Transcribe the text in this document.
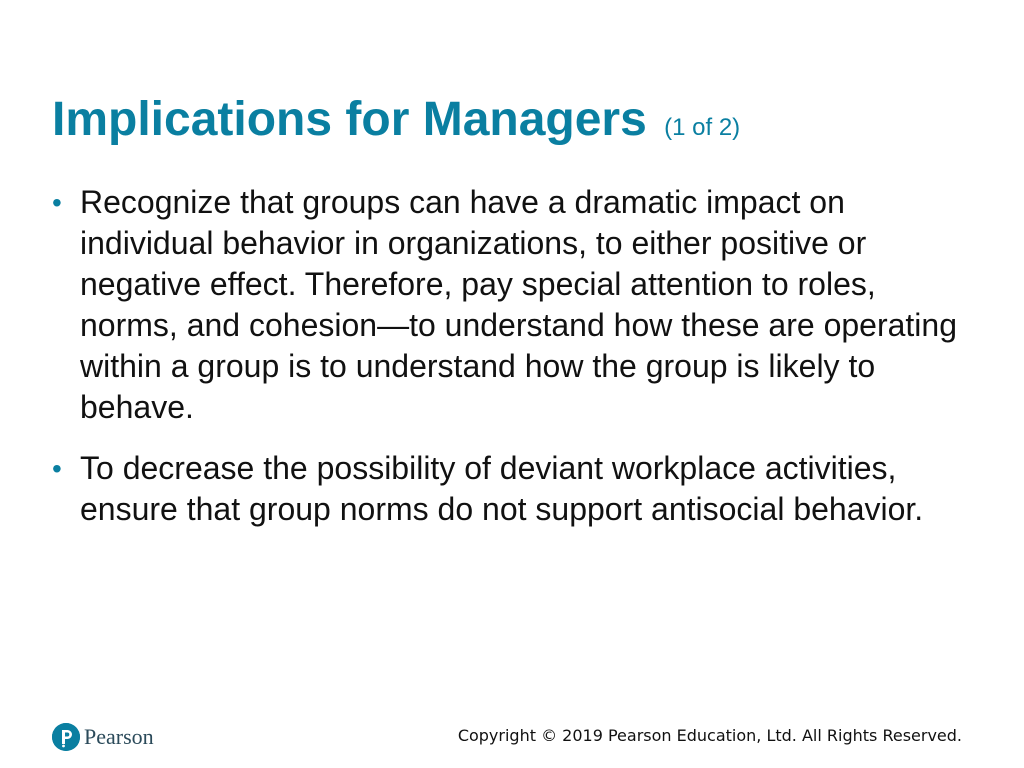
Implications for Managers (1 of 2)
• Recognize that groups can have a dramatic impact on individual behavior in organizations, to either positive or negative effect. Therefore, pay special attention to roles, norms, and cohesion—to understand how these are operating within a group is to understand how the group is likely to behave.
• To decrease the possibility of deviant workplace activities, ensure that group norms do not support antisocial behavior.
Pearson	Copyright © 2019 Pearson Education, Ltd. All Rights Reserved.
